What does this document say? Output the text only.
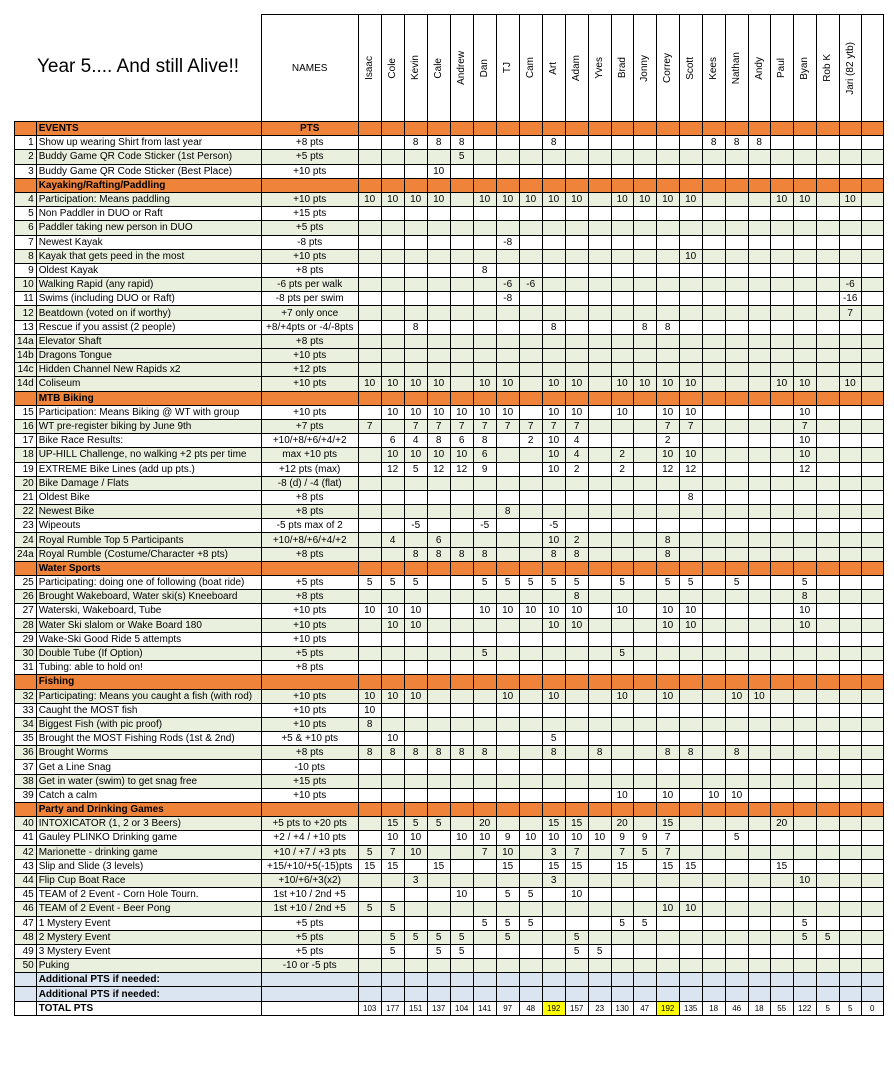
		NAMES	Isaac	Cole	Kevin	Cale	Andrew	Dan	TJ	Cam	Art	Adam	Yves	Brad	Jonny	Correy	Scott	Kees	Nathan	Andy	Paul	Byan	Rob K	Jari (82 ytb)	

	EVENTS	PTS																							
1	Show up wearing Shirt from last year	+8 pts			8	8	8				8							8	8	8					
2	Buddy Game QR Code Sticker (1st Person)	+5 pts					5																		
3	Buddy Game QR Code Sticker (Best Place)	+10 pts				10																			
	Kayaking/Rafting/Paddling																								
4	Participation: Means paddling	+10 pts	10	10	10	10		10	10	10	10	10		10	10	10	10				10	10		10	
5	Non Paddler in DUO or Raft	+15 pts																							
6	Paddler taking new person in DUO	+5 pts																							
7	Newest Kayak	-8 pts							-8																
8	Kayak that gets peed in the most	+10 pts															10								
9	Oldest Kayak	+8 pts						8																	
10	Walking Rapid (any rapid)	-6 pts per walk							-6	-6														-6	
11	Swims (including DUO or Raft)	-8 pts per swim							-8															-16	
12	Beatdown (voted on if worthy)	+7 only once																						7	
13	Rescue if you assist (2 people)	+8/+4pts or -4/-8pts			8						8				8	8									
14a	Elevator Shaft	+8 pts																							
14b	Dragons Tongue	+10 pts																							
14c	Hidden Channel New Rapids x2	+12 pts																							
14d	Coliseum	+10 pts	10	10	10	10		10	10		10	10		10	10	10	10				10	10		10	
	MTB Biking																								
15	Participation: Means Biking @ WT with group	+10 pts		10	10	10	10	10	10		10	10		10		10	10					10			
16	WT pre-register biking by June 9th	+7 pts	7		7	7	7	7	7	7	7	7				7	7					7			
17	Bike Race Results:	+10/+8/+6/+4/+2		6	4	8	6	8		2	10	4				2						10			
18	UP-HILL Challenge, no walking +2 pts per time	max +10 pts		10	10	10	10	6			10	4		2		10	10					10			
19	EXTREME Bike Lines (add up pts.)	+12 pts (max)		12	5	12	12	9			10	2		2		12	12					12			
20	Bike Damage / Flats	-8 (d) / -4 (flat)																							
21	Oldest Bike	+8 pts															8								
22	Newest Bike	+8 pts							8																
23	Wipeouts	-5 pts max of 2			-5			-5			-5														
24	Royal Rumble Top 5 Participants	+10/+8/+6/+4/+2		4		6					10	2				8									
24a	Royal Rumble (Costume/Character +8 pts)	+8 pts			8	8	8	8			8	8				8									
	Water Sports																								
25	Participating: doing one of following (boat ride)	+5 pts	5	5	5			5	5	5	5	5		5		5	5		5			5			
26	Brought Wakeboard, Water ski(s) Kneeboard	+8 pts										8										8			
27	Waterski, Wakeboard, Tube	+10 pts	10	10	10			10	10	10	10	10		10		10	10					10			
28	Water Ski slalom or Wake Board 180	+10 pts		10	10						10	10				10	10					10			
29	Wake-Ski Good Ride 5 attempts	+10 pts																							
30	Double Tube (If Option)	+5 pts						5						5											
31	Tubing: able to hold on!	+8 pts																							
	Fishing																								
32	Participating: Means you caught a fish (with rod)	+10 pts	10	10	10				10		10			10		10			10	10					
33	Caught the MOST fish	+10 pts	10																						
34	Biggest Fish (with pic proof)	+10 pts	8																						
35	Brought the MOST Fishing Rods (1st & 2nd)	+5 & +10 pts		10							5														
36	Brought Worms	+8 pts	8	8	8	8	8	8			8		8			8	8		8						
37	Get a Line Snag	-10 pts																							
38	Get in water (swim) to get snag free	+15 pts																							
39	Catch a calm	+10 pts												10		10		10	10						
	Party and Drinking Games																								
40	INTOXICATOR (1, 2 or 3 Beers)	+5 pts to +20 pts		15	5	5		20			15	15		20		15					20				
41	Gauley PLINKO Drinking game	+2 / +4 / +10 pts		10	10		10	10	9	10	10	10	10	9	9	7			5						
42	Marionette - drinking game	+10 / +7 / +3 pts	5	7	10			7	10		3	7		7	5	7									
43	Slip and Slide (3 levels)	+15/+10/+5(-15)pts	15	15		15			15		15	15		15		15	15				15				
44	Flip Cup Boat Race	+10/+6/+3(x2)			3						3											10			
45	TEAM of 2 Event - Corn Hole Tourn.	1st +10 / 2nd +5					10		5	5		10													
46	TEAM of 2 Event - Beer Pong	1st +10 / 2nd +5	5	5												10	10								
47	1 Mystery Event	+5 pts						5	5	5				5	5							5			
48	2 Mystery Event	+5 pts		5	5	5	5		5			5										5	5		
49	3 Mystery Event	+5 pts		5		5	5					5	5												
50	Puking	-10 or -5 pts																							
	Additional PTS if needed:																								
	Additional PTS if needed:																								
	TOTAL PTS		103	177	151	137	104	141	97	48	192	157	23	130	47	192	135	18	46	18	55	122	5	5	0
Year 5.... And still Alive!!
